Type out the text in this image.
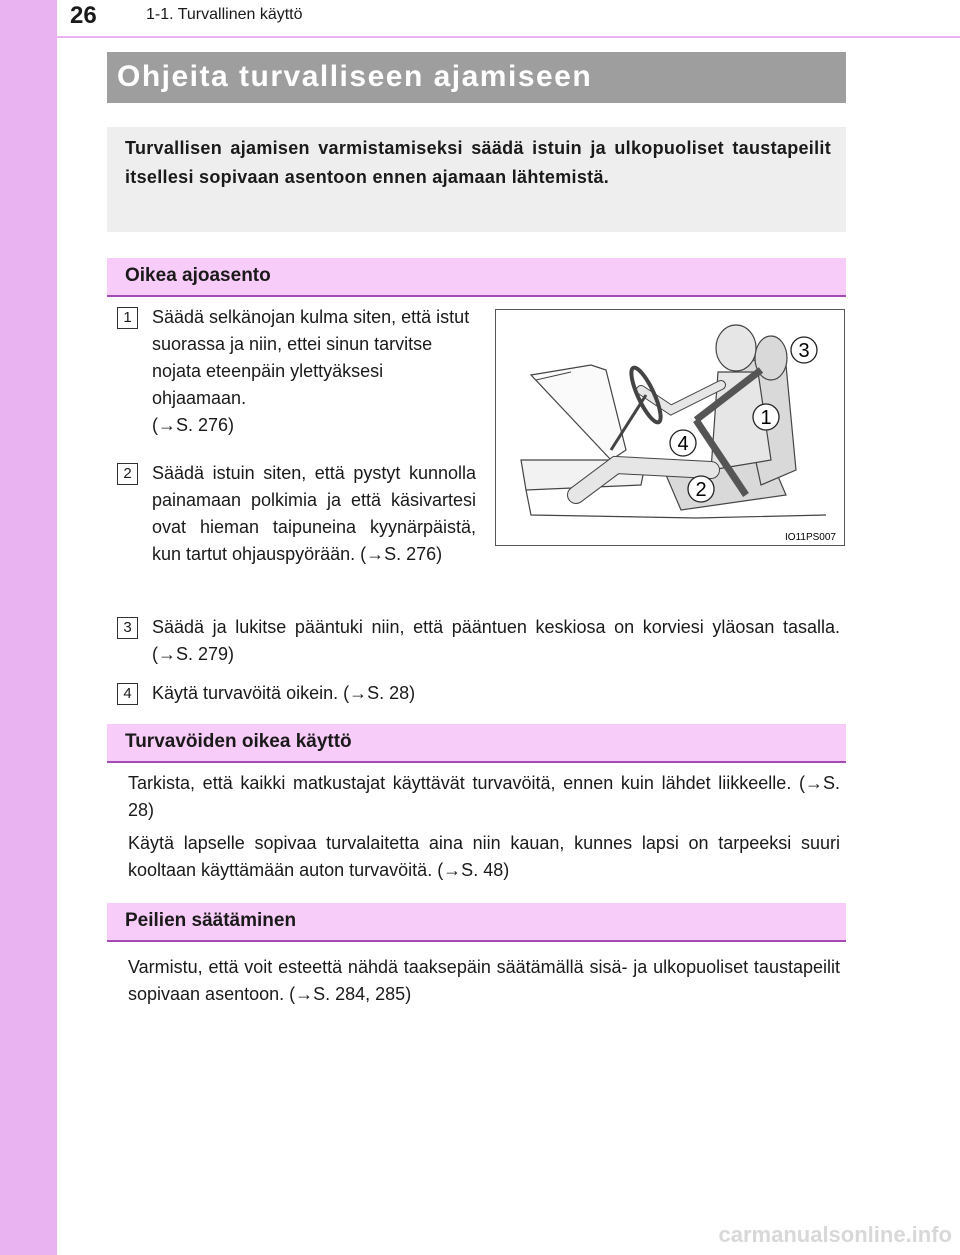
26	1-1. Turvallinen käyttö
Ohjeita turvalliseen ajamiseen

Turvallisen ajamisen varmistamiseksi säädä istuin ja ulkopuoliset taustapeilit itsellesi sopivaan asentoon ennen ajamaan lähtemistä.

Oikea ajoasento
1	Säädä selkänojan kulma siten, että istut suorassa ja niin, ettei sinun tarvitse nojata eteenpäin ylettyäksesi ohjaamaan.

(→S. 276)

2	Säädä istuin siten, että pystyt kunnolla painamaan polkimia ja että käsivartesi ovat hieman taipuneina kyynärpäistä, kun tartut ohjauspyörään. (→S. 276)

3
1
4
2
IO11PS007
3	Säädä ja lukitse pääntuki niin, että pääntuen keskiosa on korviesi yläosan tasalla. (→S. 279)

4	Käytä turvavöitä oikein. (→S. 28)

Turvavöiden oikea käyttö

Tarkista, että kaikki matkustajat käyttävät turvavöitä, ennen kuin lähdet liikkeelle. (→S. 28)

Käytä lapselle sopivaa turvalaitetta aina niin kauan, kunnes lapsi on tarpeeksi suuri kooltaan käyttämään auton turvavöitä. (→S. 48)

Peilien säätäminen

Varmistu, että voit esteettä nähdä taaksepäin säätämällä sisä- ja ulkopuoliset taustapeilit sopivaan asentoon. (→S. 284, 285)

carmanualsonline.info
